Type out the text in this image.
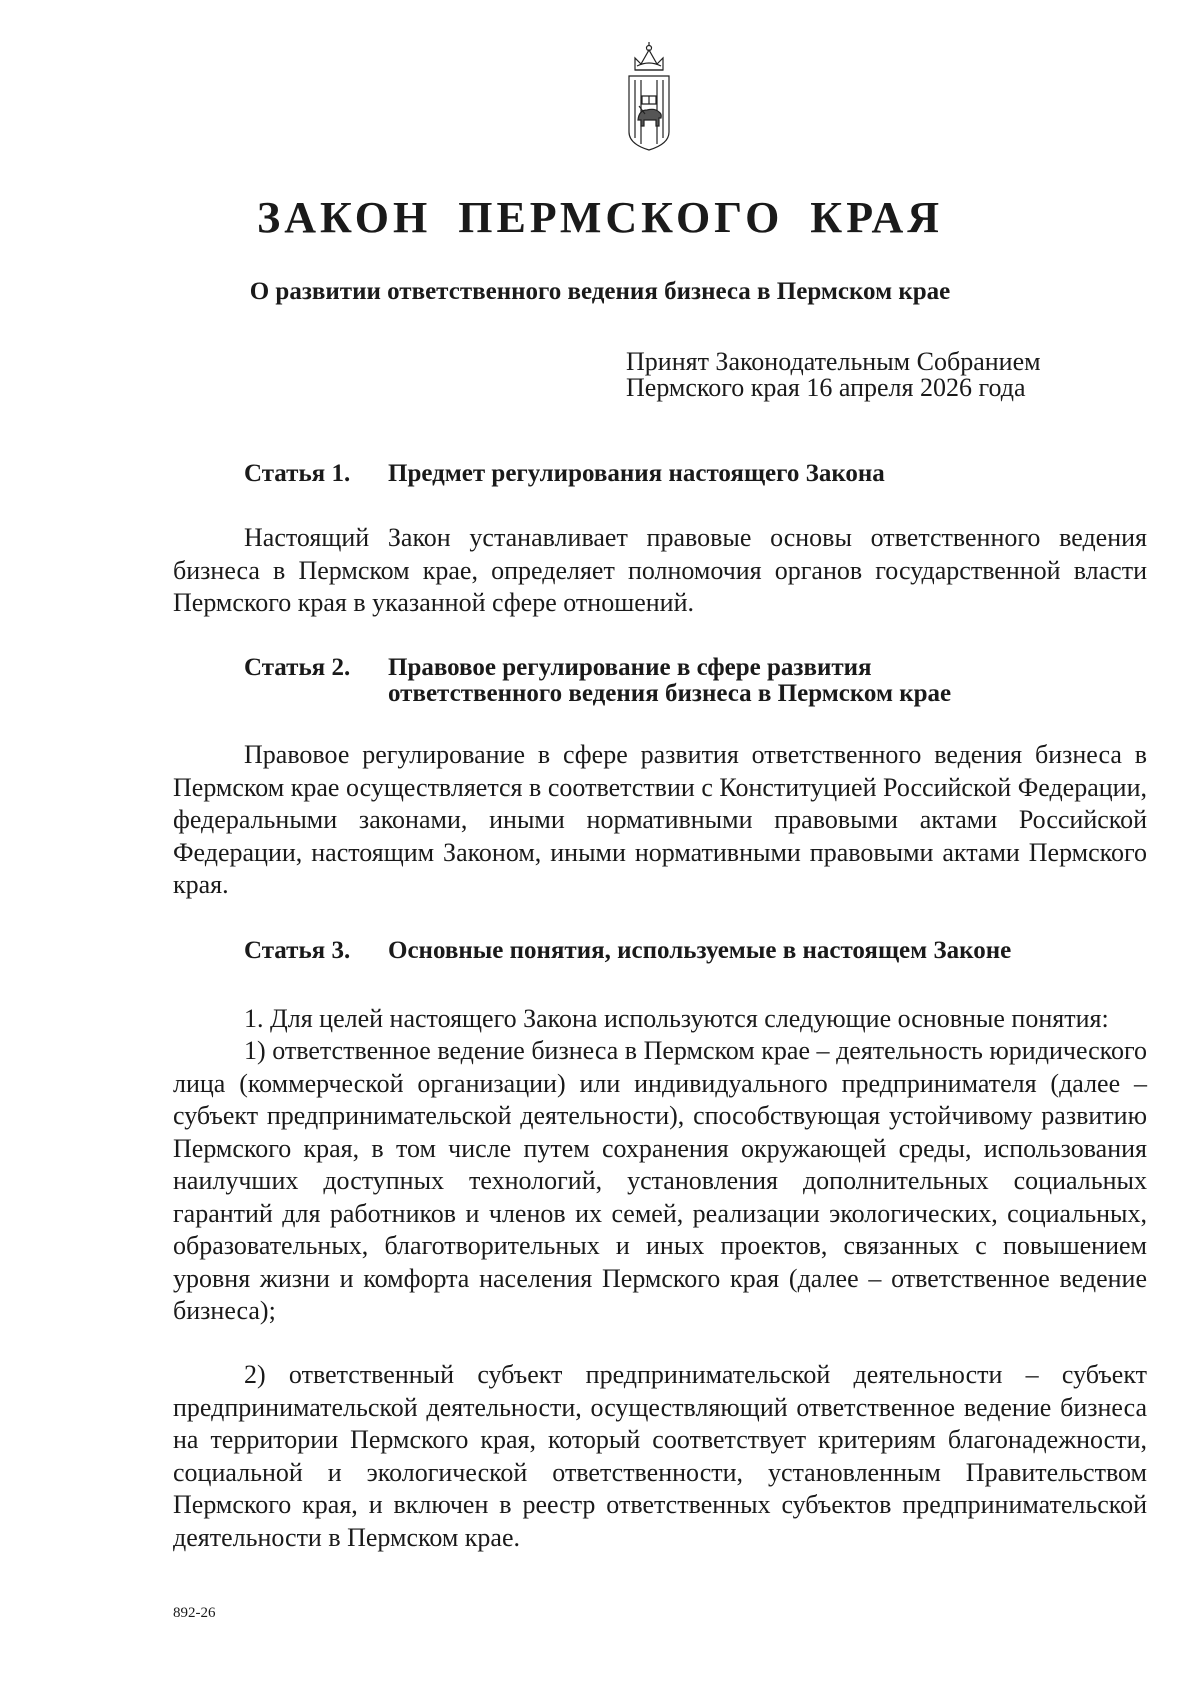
ЗАКОН ПЕРМСКОГО КРАЯ
О развитии ответственного ведения бизнеса в Пермском крае

Принят Законодательным Собранием
Пермского края 16 апреля 2026 года

Статья 1.	Предмет регулирования настоящего Закона

Настоящий Закон устанавливает правовые основы ответственного ведения бизнеса в Пермском крае, определяет полномочия органов государственной власти Пермского края в указанной сфере отношений.

Статья 2.	Правовое регулирование в сфере развития
ответственного ведения бизнеса в Пермском крае

Правовое регулирование в сфере развития ответственного ведения бизнеса в Пермском крае осуществляется в соответствии с Конституцией Российской Федерации, федеральными законами, иными нормативными правовыми актами Российской Федерации, настоящим Законом, иными нормативными правовыми актами Пермского края.

Статья 3.	Основные понятия, используемые в настоящем Законе

1. Для целей настоящего Закона используются следующие основные понятия:

1) ответственное ведение бизнеса в Пермском крае – деятельность юридического лица (коммерческой организации) или индивидуального предпринимателя (далее – субъект предпринимательской деятельности), способствующая устойчивому развитию Пермского края, в том числе путем сохранения окружающей среды, использования наилучших доступных технологий, установления дополнительных социальных гарантий для работников и членов их семей, реализации экологических, социальных, образовательных, благотворительных и иных проектов, связанных с повышением уровня жизни и комфорта населения Пермского края (далее – ответственное ведение бизнеса);

2) ответственный субъект предпринимательской деятельности – субъект предпринимательской деятельности, осуществляющий ответственное ведение бизнеса на территории Пермского края, который соответствует критериям благонадежности, социальной и экологической ответственности, установленным Правительством Пермского края, и включен в реестр ответственных субъектов предпринимательской деятельности в Пермском крае.

892-26
